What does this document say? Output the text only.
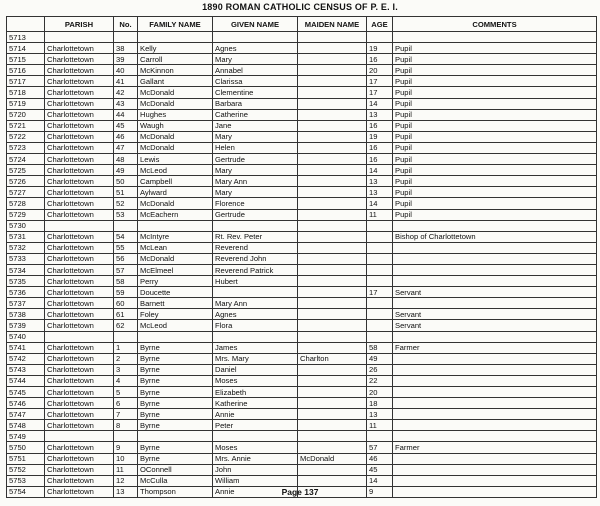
1890 ROMAN CATHOLIC CENSUS OF P. E. I.
	PARISH	No.	FAMILY NAME	GIVEN NAME	MAIDEN NAME	AGE	COMMENTS
5713							
5714	Charlottetown	38	Kelly	Agnes		19	Pupil
5715	Charlottetown	39	Carroll	Mary		16	Pupil
5716	Charlottetown	40	McKinnon	Annabel		20	Pupil
5717	Charlottetown	41	Gallant	Clarissa		17	Pupil
5718	Charlottetown	42	McDonald	Clementine		17	Pupil
5719	Charlottetown	43	McDonald	Barbara		14	Pupil
5720	Charlottetown	44	Hughes	Catherine		13	Pupil
5721	Charlottetown	45	Waugh	Jane		16	Pupil
5722	Charlottetown	46	McDonald	Mary		19	Pupil
5723	Charlottetown	47	McDonald	Helen		16	Pupil
5724	Charlottetown	48	Lewis	Gertrude		16	Pupil
5725	Charlottetown	49	McLeod	Mary		14	Pupil
5726	Charlottetown	50	Campbell	Mary Ann		13	Pupil
5727	Charlottetown	51	Aylward	Mary		13	Pupil
5728	Charlottetown	52	McDonald	Florence		14	Pupil
5729	Charlottetown	53	McEachern	Gertrude		11	Pupil
5730							
5731	Charlottetown	54	McIntyre	Rt. Rev. Peter			Bishop of Charlottetown
5732	Charlottetown	55	McLean	Reverend			
5733	Charlottetown	56	McDonald	Reverend John			
5734	Charlottetown	57	McElmeel	Reverend Patrick			
5735	Charlottetown	58	Perry	Hubert			
5736	Charlottetown	59	Doucette			17	Servant
5737	Charlottetown	60	Barnett	Mary Ann			
5738	Charlottetown	61	Foley	Agnes			Servant
5739	Charlottetown	62	McLeod	Flora			Servant
5740							
5741	Charlottetown	1	Byrne	James		58	Farmer
5742	Charlottetown	2	Byrne	Mrs. Mary	Charlton	49	
5743	Charlottetown	3	Byrne	Daniel		26	
5744	Charlottetown	4	Byrne	Moses		22	
5745	Charlottetown	5	Byrne	Elizabeth		20	
5746	Charlottetown	6	Byrne	Katherine		18	
5747	Charlottetown	7	Byrne	Annie		13	
5748	Charlottetown	8	Byrne	Peter		11	
5749							
5750	Charlottetown	9	Byrne	Moses		57	Farmer
5751	Charlottetown	10	Byrne	Mrs. Annie	McDonald	46	
5752	Charlottetown	11	OConnell	John		45	
5753	Charlottetown	12	McCulla	William		14	
5754	Charlottetown	13	Thompson	Annie		9	
Page 137
